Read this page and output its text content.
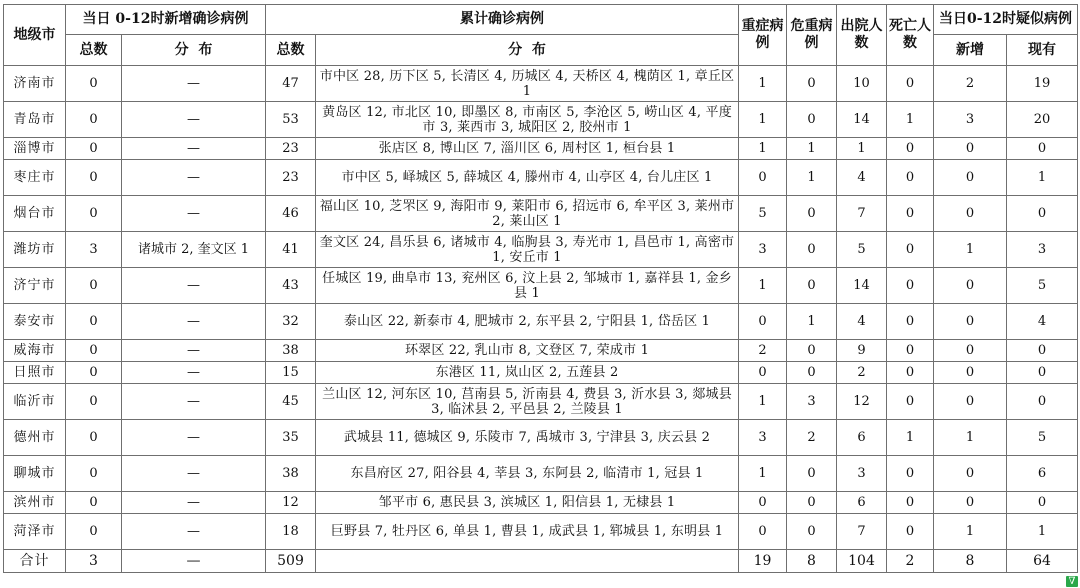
地级市	当日 0-12时新增确诊病例		累计确诊病例		重症病例	危重病例	出院人数	死亡人数	当日0-12时疑似病例	
	总数	分  布	总数	分  布					新增	现有
济南市	0	—	47	市中区 28, 历下区 5, 长清区 4, 历城区 4, 天桥区 4, 槐荫区 1, 章丘区 1	1	0	10	0	2	19
青岛市	0	—	53	黄岛区 12, 市北区 10, 即墨区 8, 市南区 5, 李沧区 5, 崂山区 4, 平度市 3, 莱西市 3, 城阳区 2, 胶州市 1	1	0	14	1	3	20
淄博市	0	—	23	张店区 8, 博山区 7, 淄川区 6, 周村区 1, 桓台县 1	1	1	1	0	0	0
枣庄市	0	—	23	市中区 5, 峄城区 5, 薛城区 4, 滕州市 4, 山亭区 4, 台儿庄区 1	0	1	4	0	0	1
烟台市	0	—	46	福山区 10, 芝罘区 9, 海阳市 9, 莱阳市 6, 招远市 6, 牟平区 3, 莱州市 2, 莱山区 1	5	0	7	0	0	0
潍坊市	3	诸城市 2, 奎文区 1	41	奎文区 24, 昌乐县 6, 诸城市 4, 临朐县 3, 寿光市 1, 昌邑市 1, 高密市 1, 安丘市 1	3	0	5	0	1	3
济宁市	0	—	43	任城区 19, 曲阜市 13, 兖州区 6, 汶上县 2, 邹城市 1, 嘉祥县 1, 金乡县 1	1	0	14	0	0	5
泰安市	0	—	32	泰山区 22, 新泰市 4, 肥城市 2, 东平县 2, 宁阳县 1, 岱岳区 1	0	1	4	0	0	4
威海市	0	—	38	环翠区 22, 乳山市 8, 文登区 7, 荣成市 1	2	0	9	0	0	0
日照市	0	—	15	东港区 11, 岚山区 2, 五莲县 2	0	0	2	0	0	0
临沂市	0	—	45	兰山区 12, 河东区 10, 莒南县 5, 沂南县 4, 费县 3, 沂水县 3, 郯城县 3, 临沭县 2, 平邑县 2, 兰陵县 1	1	3	12	0	0	0
德州市	0	—	35	武城县 11, 德城区 9, 乐陵市 7, 禹城市 3, 宁津县 3, 庆云县 2	3	2	6	1	1	5
聊城市	0	—	38	东昌府区 27, 阳谷县 4, 莘县 3, 东阿县 2, 临清市 1, 冠县 1	1	0	3	0	0	6
滨州市	0	—	12	邹平市 6, 惠民县 3, 滨城区 1, 阳信县 1, 无棣县 1	0	0	6	0	0	0
菏泽市	0	—	18	巨野县 7, 牡丹区 6, 单县 1, 曹县 1, 成武县 1, 郓城县 1, 东明县 1	0	0	7	0	1	1
合计	3	—	509		19	8	104	2	8	64
∇
